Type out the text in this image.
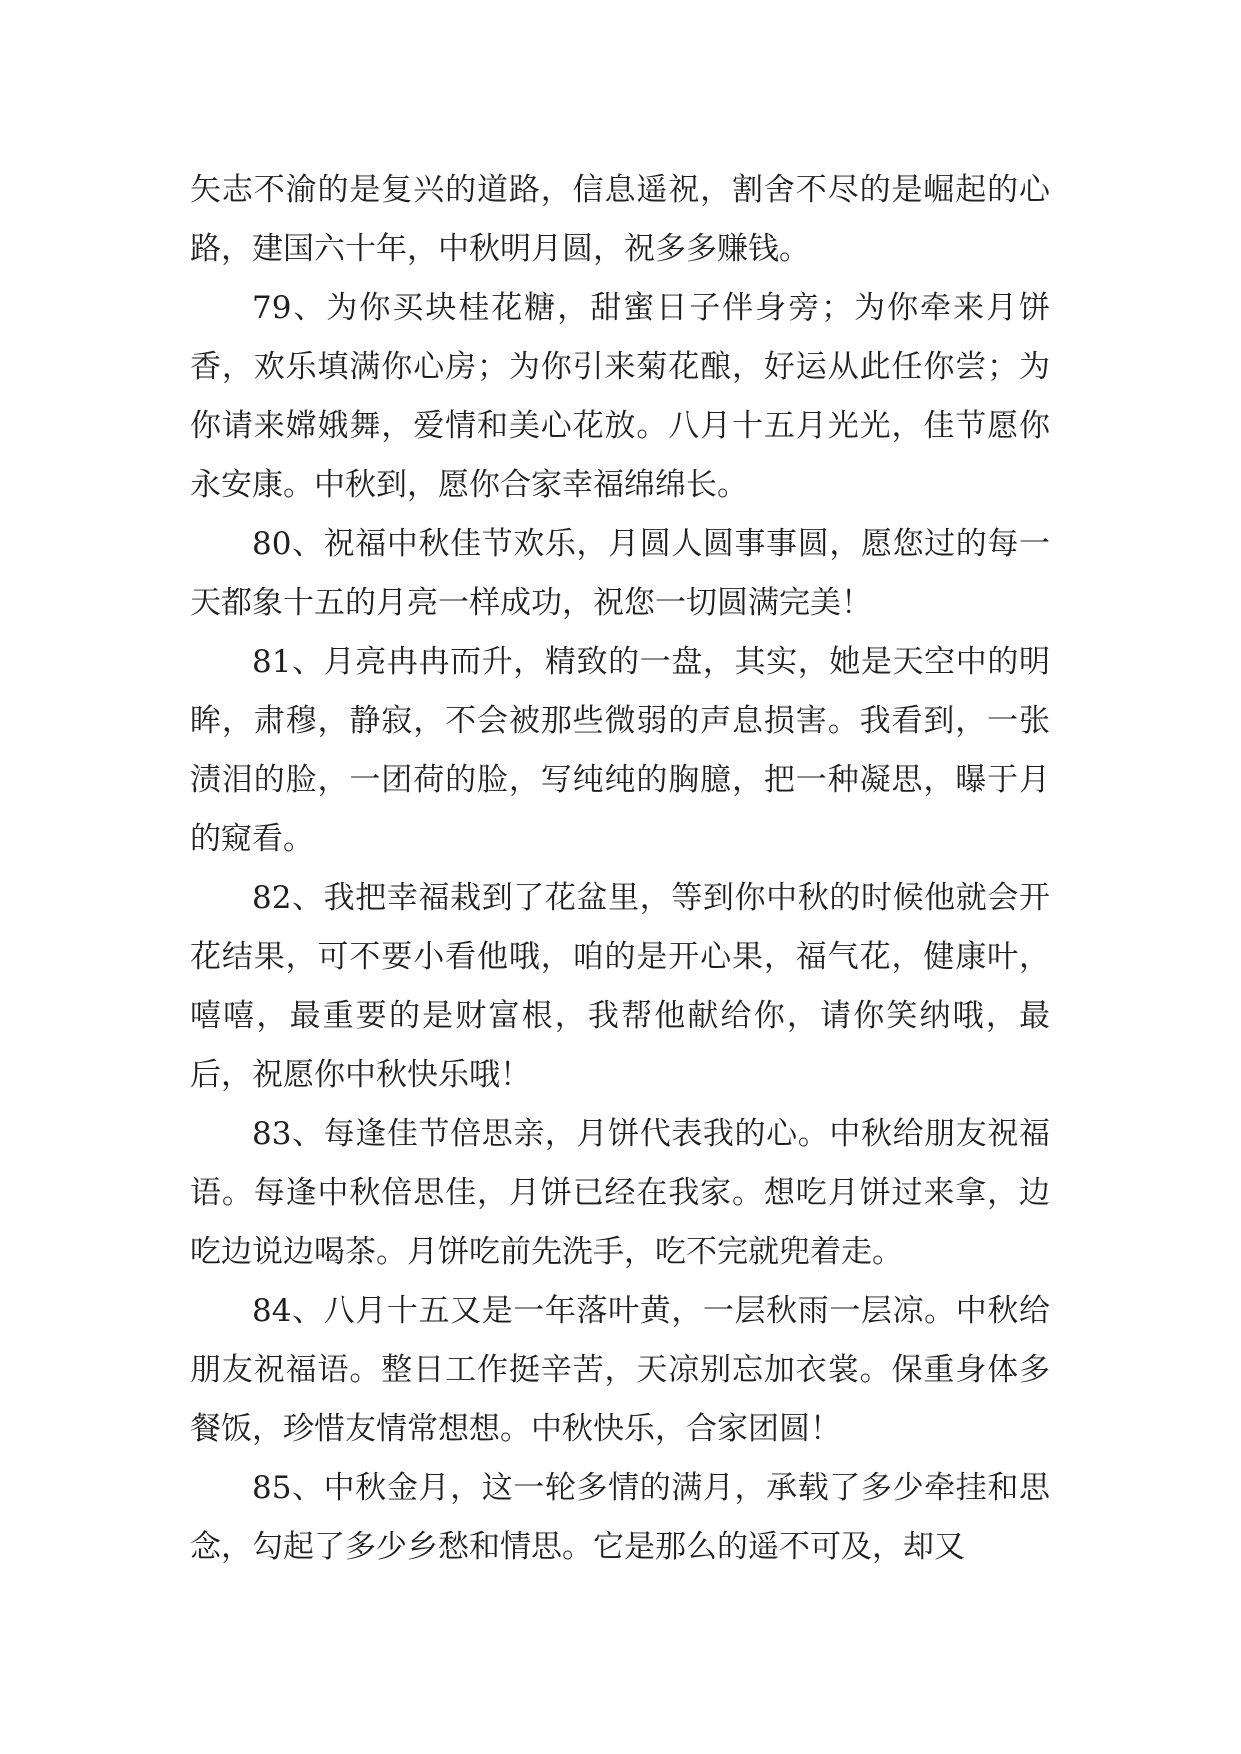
矢志不渝的是复兴的道路，信息遥祝，割舍不尽的是崛起的心路，建国六十年，中秋明月圆，祝多多赚钱。

79、为你买块桂花糖，甜蜜日子伴身旁；为你牵来月饼香，欢乐填满你心房；为你引来菊花酿，好运从此任你尝；为你请来嫦娥舞，爱情和美心花放。八月十五月光光，佳节愿你永安康。中秋到，愿你合家幸福绵绵长。

80、祝福中秋佳节欢乐，月圆人圆事事圆，愿您过的每一天都象十五的月亮一样成功，祝您一切圆满完美！

81、月亮冉冉而升，精致的一盘，其实，她是天空中的明眸，肃穆，静寂，不会被那些微弱的声息损害。我看到，一张渍泪的脸，一团荷的脸，写纯纯的胸臆，把一种凝思，曝于月的窥看。

82、我把幸福栽到了花盆里，等到你中秋的时候他就会开花结果，可不要小看他哦，咱的是开心果，福气花，健康叶，嘻嘻，最重要的是财富根，我帮他献给你，请你笑纳哦，最后，祝愿你中秋快乐哦！

83、每逢佳节倍思亲，月饼代表我的心。中秋给朋友祝福语。每逢中秋倍思佳，月饼已经在我家。想吃月饼过来拿，边吃边说边喝茶。月饼吃前先洗手，吃不完就兜着走。

84、八月十五又是一年落叶黄，一层秋雨一层凉。中秋给朋友祝福语。整日工作挺辛苦，天凉别忘加衣裳。保重身体多餐饭，珍惜友情常想想。中秋快乐，合家团圆！

85、中秋金月，这一轮多情的满月，承载了多少牵挂和思念，勾起了多少乡愁和情思。它是那么的遥不可及，却又
